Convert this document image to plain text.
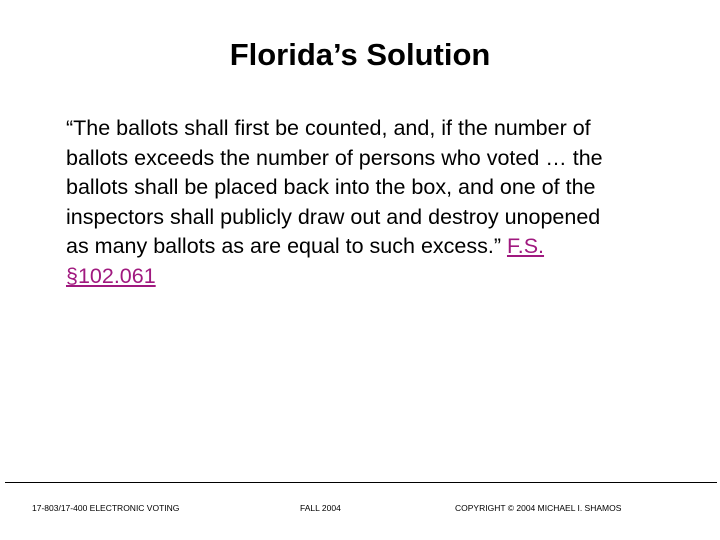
Florida’s Solution
“The ballots shall first be counted, and, if the number of
ballots exceeds the number of persons who voted … the
ballots shall be placed back into the box, and one of the
inspectors shall publicly draw out and destroy unopened
as many ballots as are equal to such excess.” F.S.
§102.061
17-803/17-400 ELECTRONIC VOTING	FALL 2004	COPYRIGHT © 2004 MICHAEL I. SHAMOS
